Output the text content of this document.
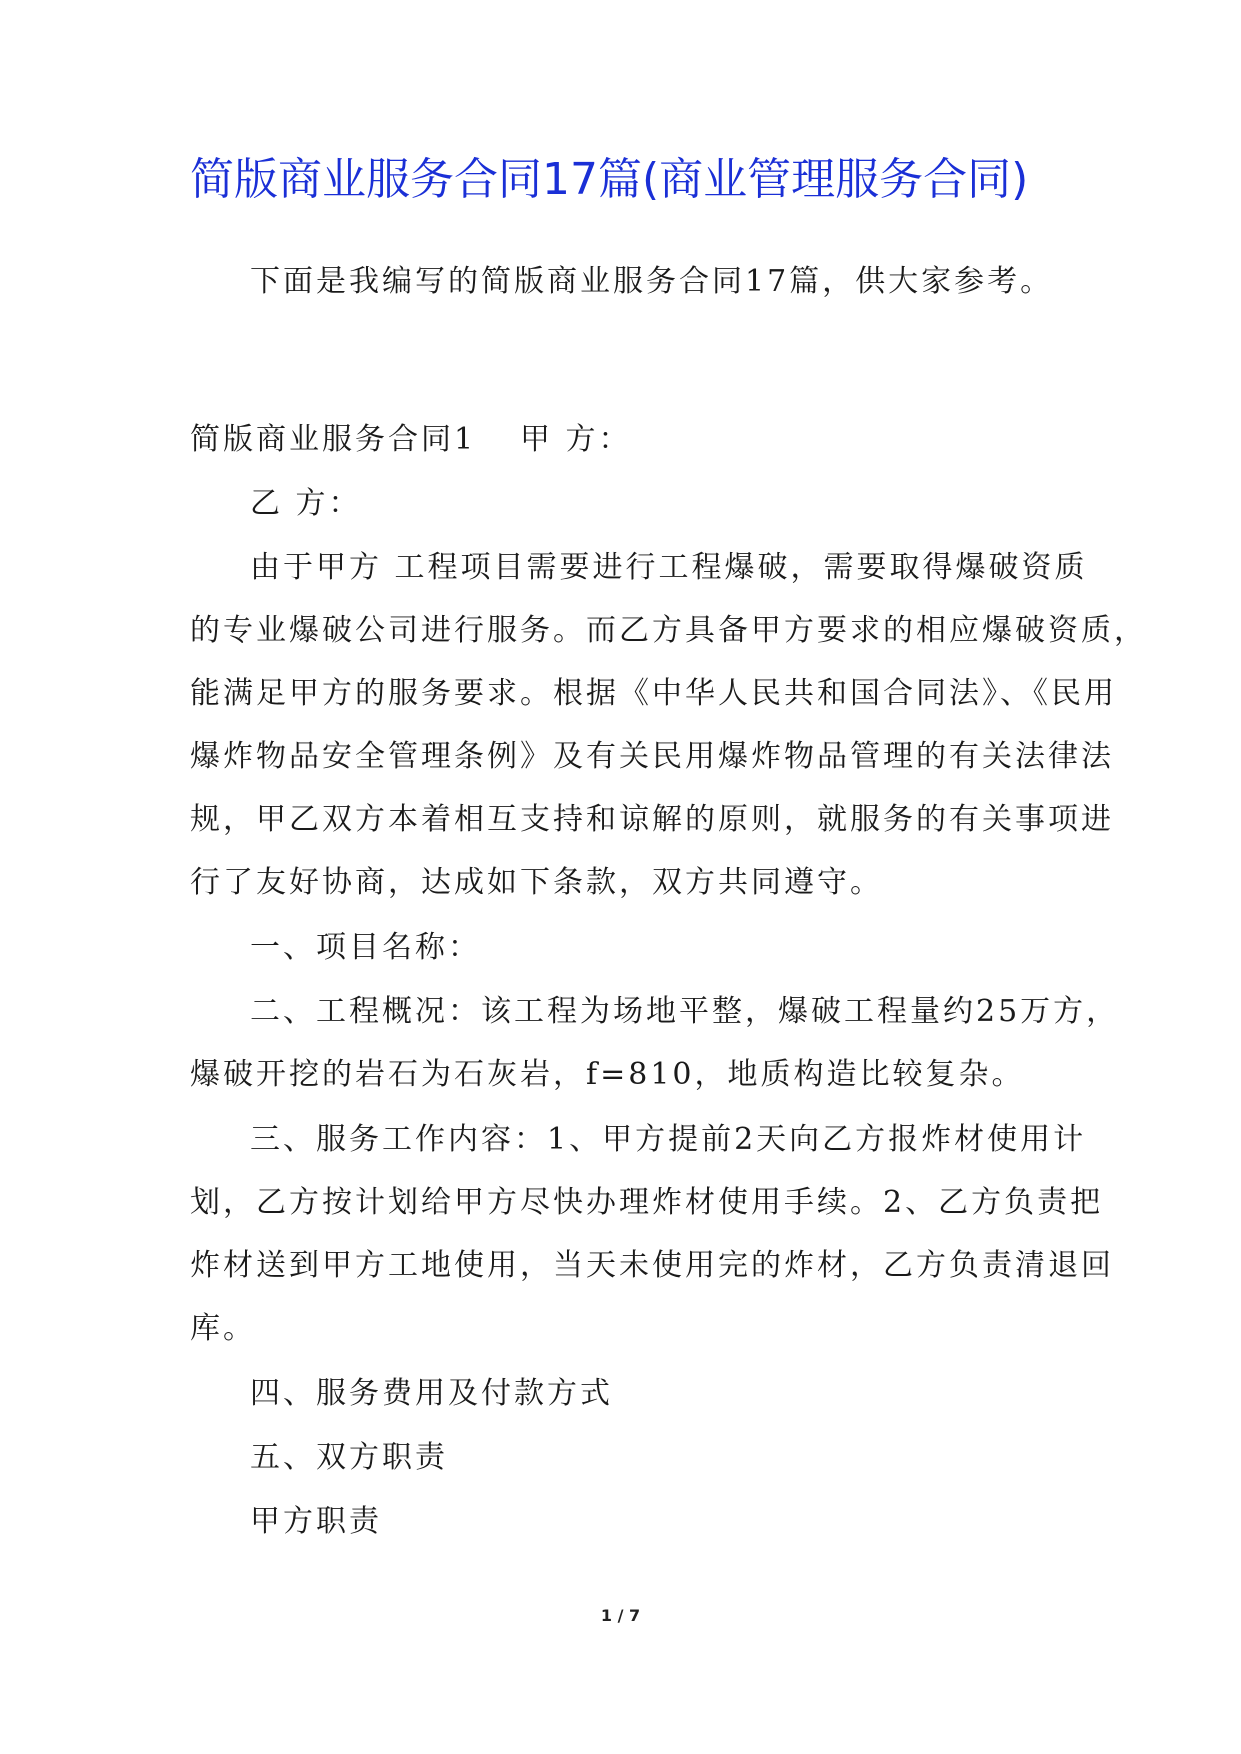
简版商业服务合同17篇(商业管理服务合同)
下面是我编写的简版商业服务合同17篇，供大家参考。
简版商业服务合同1 甲 方：
乙 方：
由于甲方 工程项目需要进行工程爆破，需要取得爆破资质
的专业爆破公司进行服务。而乙方具备甲方要求的相应爆破资质，
能满足甲方的服务要求。根据《中华人民共和国合同法》、《民用
爆炸物品安全管理条例》及有关民用爆炸物品管理的有关法律法
规，甲乙双方本着相互支持和谅解的原则，就服务的有关事项进
行了友好协商，达成如下条款，双方共同遵守。
一、项目名称：
二、工程概况：该工程为场地平整，爆破工程量约25万方，
爆破开挖的岩石为石灰岩，f=810，地质构造比较复杂。
三、服务工作内容：1、甲方提前2天向乙方报炸材使用计
划，乙方按计划给甲方尽快办理炸材使用手续。2、乙方负责把
炸材送到甲方工地使用，当天未使用完的炸材，乙方负责清退回
库。
四、服务费用及付款方式
五、双方职责
甲方职责
1 / 7
